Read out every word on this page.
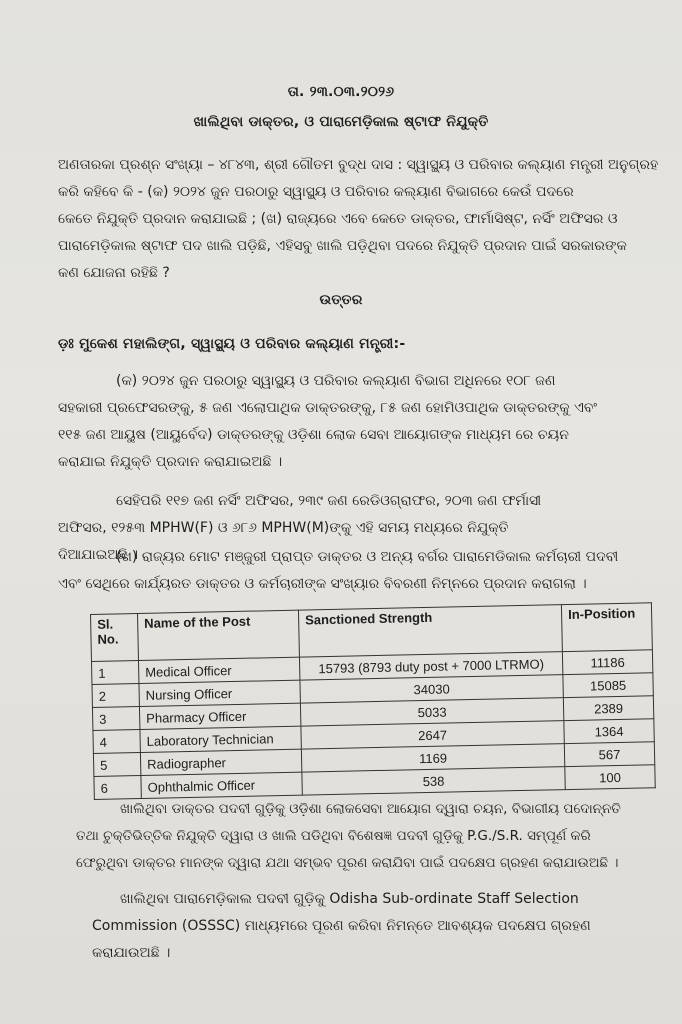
ତା. ୨୩.୦୩.୨୦୨୬
ଖାଲିଥିବା ଡାକ୍ତର, ଓ ପାରାମେଡ଼ିକାଲ ଷ୍ଟାଫ ନିଯୁକ୍ତି
ଅଣତାରକା ପ୍ରଶ୍ନ ସଂଖ୍ୟା – ୪୮୪୩, ଶ୍ରୀ ଗୌତମ ବୁଦ୍ଧ ଦାସ : ସ୍ୱାସ୍ଥ୍ୟ ଓ ପରିବାର କଲ୍ୟାଣ ମନ୍ତ୍ରୀ ଅନୁଗ୍ରହ
କରି କହିବେ କି - (କ) ୨୦୨୪ ଜୁନ ପରଠାରୁ ସ୍ୱାସ୍ଥ୍ୟ ଓ ପରିବାର କଲ୍ୟାଣ ବିଭାଗରେ କେଉଁ ପଦରେ
କେତେ ନିଯୁକ୍ତି ପ୍ରଦାନ କରାଯାଇଛି ; (ଖ) ରାଜ୍ୟରେ ଏବେ କେତେ ଡାକ୍ତର, ଫାର୍ମାସିଷ୍ଟ, ନର୍ସିଂ ଅଫିସର ଓ
ପାରାମେଡ଼ିକାଲ ଷ୍ଟାଫ ପଦ ଖାଲି ପଡ଼ିଛି, ଏହିସବୁ ଖାଲି ପଡ଼ିଥିବା ପଦରେ ନିଯୁକ୍ତି ପ୍ରଦାନ ପାଇଁ ସରକାରଙ୍କ
କଣ ଯୋଜନା ରହିଛି ?
ଉତ୍ତର
ଡ଼ଃ ମୁକେଶ ମହାଲିଙ୍ଗ, ସ୍ୱାସ୍ଥ୍ୟ ଓ ପରିବାର କଲ୍ୟାଣ ମନ୍ତ୍ରୀ:-
(କ) ୨୦୨୪ ଜୁନ ପରଠାରୁ ସ୍ୱାସ୍ଥ୍ୟ ଓ ପରିବାର କଲ୍ୟାଣ ବିଭାଗ ଅଧିନରେ ୧୦୮ ଜଣ
ସହକାରୀ ପ୍ରଫେସରଙ୍କୁ, ୫ ଜଣ ଏଲୋପାଥିକ ଡାକ୍ତରଙ୍କୁ, ୮୫ ଜଣ ହୋମିଓପାଥିକ ଡାକ୍ତରଙ୍କୁ ଏବଂ
୧୧୫ ଜଣ ଆୟୁଷ (ଆୟୁର୍ବେଦ) ଡାକ୍ତରଙ୍କୁ ଓଡ଼ିଶା ଲୋକ ସେବା ଆୟୋଗଙ୍କ ମାଧ୍ୟମ ରେ ଚୟନ
କରାଯାଇ ନିଯୁକ୍ତି ପ୍ରଦାନ କରାଯାଇଅଛି ।
ସେହିପରି ୧୧୭ ଜଣ ନର୍ସିଂ ଅଫିସର, ୨୩୯ ଜଣ ରେଡିଓଗ୍ରାଫର, ୨୦୩ ଜଣ ଫର୍ମାସୀ
ଅଫିସର, ୧୨୫୩ MPHW(F) ଓ ୬୮୬ MPHW(M)ଙ୍କୁ ଏହି ସମୟ ମଧ୍ୟରେ ନିଯୁକ୍ତି
ଦିଆଯାଇଅଛି ।
(ଖ) ରାଜ୍ୟର ମୋଟ ମଞ୍ଜୁରୀ ପ୍ରାପ୍ତ ଡାକ୍ତର ଓ ଅନ୍ୟ ବର୍ଗର ପାରାମେଡିକାଲ କର୍ମଚାରୀ ପଦବୀ
ଏବଂ ସେଥିରେ କାର୍ଯ୍ୟରତ ଡାକ୍ତର ଓ କର୍ମଚାରୀଙ୍କ ସଂଖ୍ୟାର ବିବରଣୀ ନିମ୍ନରେ ପ୍ରଦାନ କରାଗଲା ।
Sl. No.	Name of the Post	Sanctioned Strength	In-Position
1	Medical Officer	15793 (8793 duty post + 7000 LTRMO)	11186
2	Nursing Officer	34030	15085
3	Pharmacy Officer	5033	2389
4	Laboratory Technician	2647	1364
5	Radiographer	1169	567
6	Ophthalmic Officer	538	100
ଖାଲିଥିବା ଡାକ୍ତର ପଦବୀ ଗୁଡ଼ିକୁ ଓଡ଼ିଶା ଲୋକସେବା ଆୟୋଗ ଦ୍ୱାରା ଚୟନ, ବିଭାଗୀୟ ପଦୋନ୍ନତି
ତଥା ଚୁକ୍ତିଭିତ୍ତିକ ନିଯୁକ୍ତି ଦ୍ୱାରା ଓ ଖାଲି ପଡିଥିବା ବିଶେଷଜ୍ଞ ପଦବୀ ଗୁଡ଼ିକୁ P.G./S.R. ସମ୍ପୂର୍ଣ କରି
ଫେରୁଥିବା ଡାକ୍ତର ମାନଙ୍କ ଦ୍ୱାରା ଯଥା ସମ୍ଭବ ପୂରଣ କରାଯିବା ପାଇଁ ପଦକ୍ଷେପ ଗ୍ରହଣ କରାଯାଉଅଛି ।
ଖାଲିଥିବା ପାରାମେଡ଼ିକାଲ ପଦବୀ ଗୁଡ଼ିକୁ Odisha Sub-ordinate Staff Selection
Commission (OSSSC) ମାଧ୍ୟମରେ ପୂରଣ କରିବା ନିମନ୍ତେ ଆବଶ୍ୟକ ପଦକ୍ଷେପ ଗ୍ରହଣ
କରାଯାଉଅଛି ।
